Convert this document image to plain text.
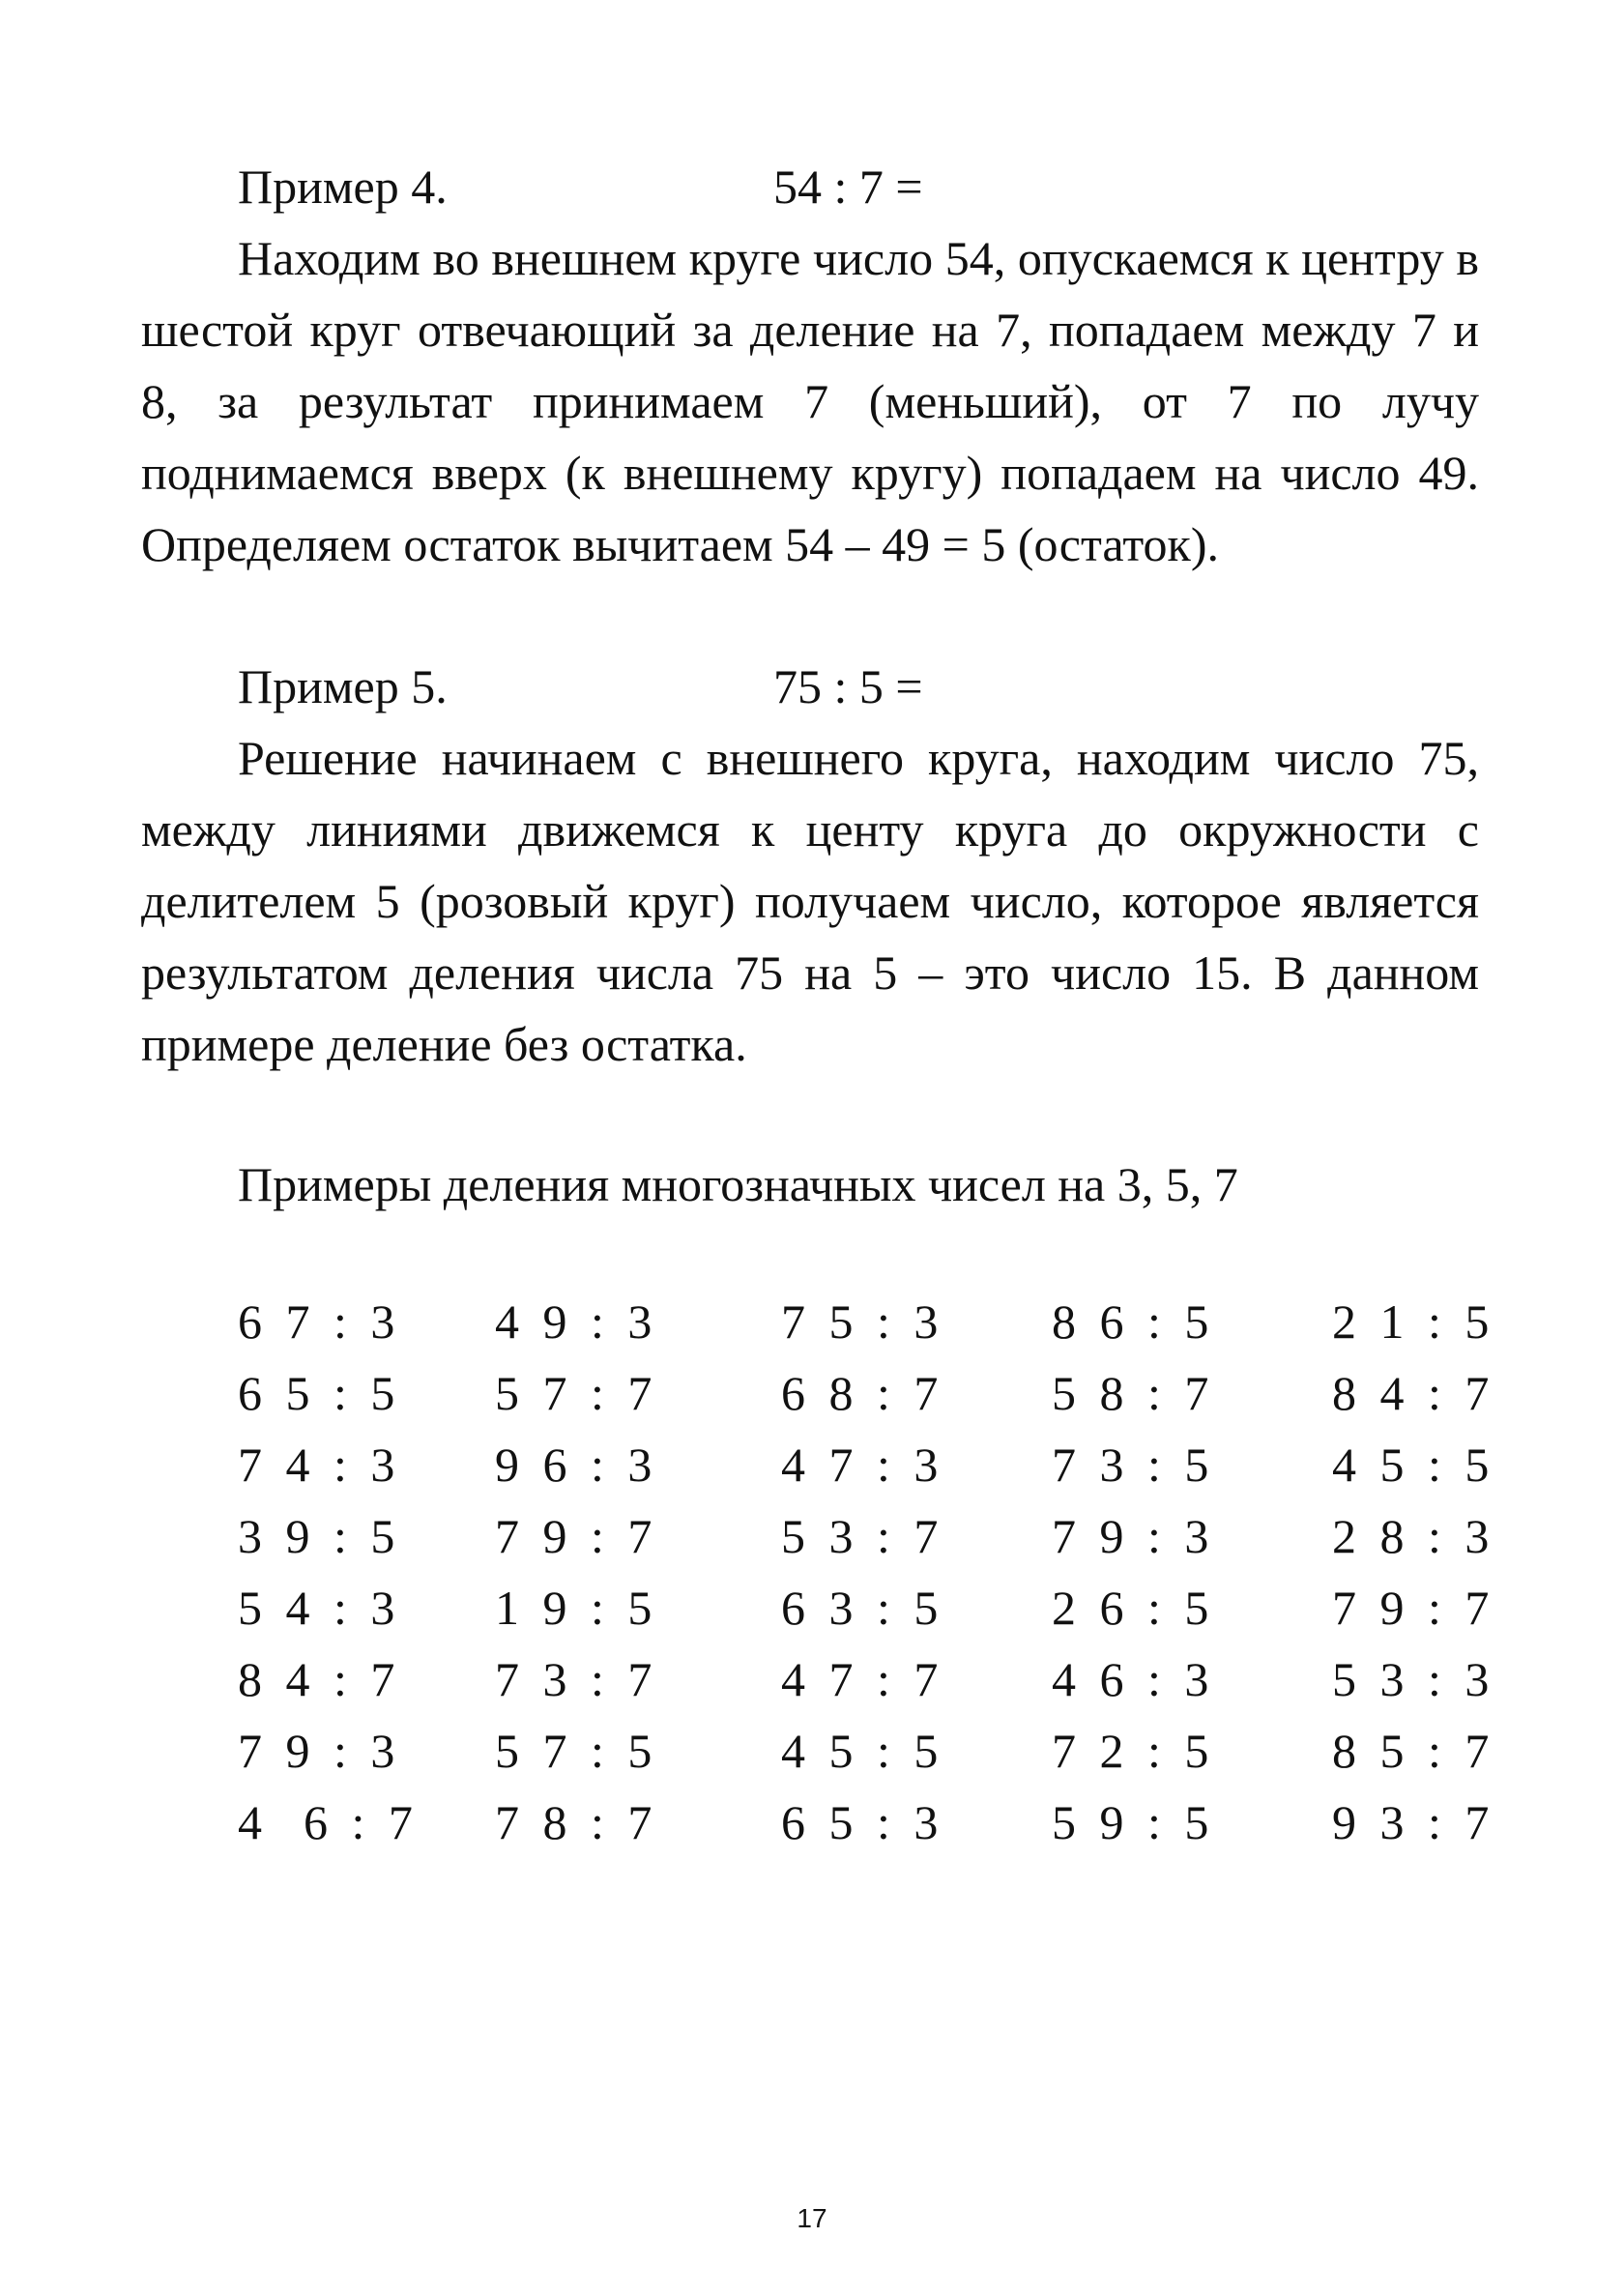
Пример 4.	54 : 7 =
Находим во внешнем круге число 54, опускаемся к центру в шестой круг отвечающий за деление на 7, попадаем между 7 и 8, за результат принимаем 7 (меньший), от 7 по лучу поднимаемся вверх (к внешнему кругу) попадаем на число 49. Определяем остаток вычитаем 54 – 49 = 5 (остаток).
Пример 5.	75 : 5 =
Решение начинаем с внешнего круга, находим число 75, между линиями движемся к центу круга до окружности с делителем 5 (розовый круг) получаем число, которое является результатом деления числа 75 на 5 – это число 15. В данном примере деление без остатка.
Примеры деления многозначных чисел на 3, 5, 7
6 7 : 3	4 9 : 3	7 5 : 3	8 6 : 5	2 1 : 5
6 5 : 5	5 7 : 7	6 8 : 7	5 8 : 7	8 4 : 7
7 4 : 3	9 6 : 3	4 7 : 3	7 3 : 5	4 5 : 5
3 9 : 5	7 9 : 7	5 3 : 7	7 9 : 3	2 8 : 3
5 4 : 3	1 9 : 5	6 3 : 5	2 6 : 5	7 9 : 7
8 4 : 7	7 3 : 7	4 7 : 7	4 6 : 3	5 3 : 3
7 9 : 3	5 7 : 5	4 5 : 5	7 2 : 5	8 5 : 7
4  6 : 7	7 8 : 7	6 5 : 3	5 9 : 5	9 3 : 7
17
